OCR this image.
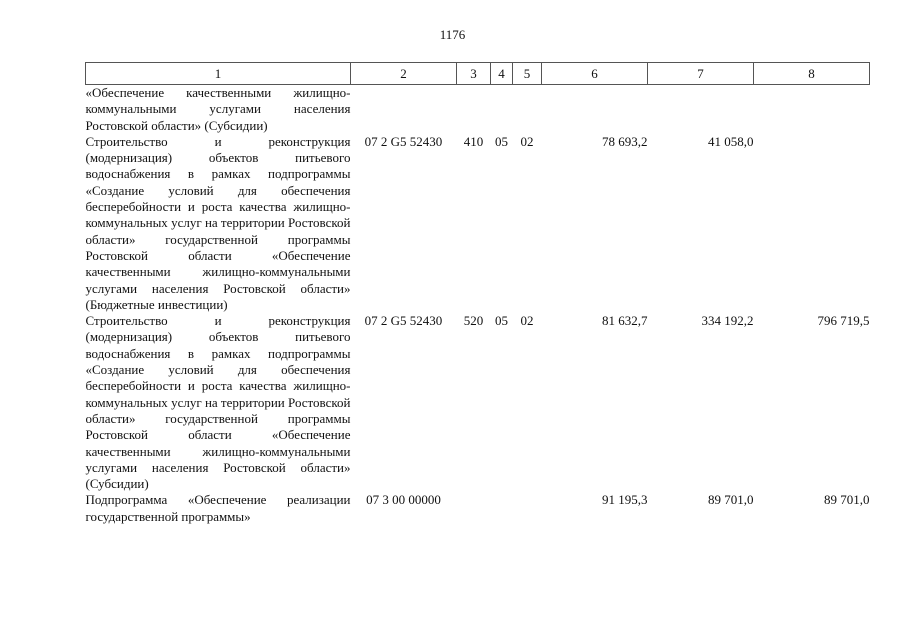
1176
1	2	3	4	5	6	7	8
«Обеспечение качественными жилищно-коммунальными услугами населения Ростовской области» (Субсидии)							
Строительство и реконструкция (модернизация) объектов питьевого водоснабжения в рамках подпрограммы «Создание условий для обеспечения бесперебойности и роста качества жилищно-коммунальных услуг на территории Ростовской области» государственной программы Ростовской области «Обеспечение качественными жилищно-коммунальными услугами населения Ростовской области» (Бюджетные инвестиции)	07 2 G5 52430	410	05	02	78 693,2	41 058,0	
Строительство и реконструкция (модернизация) объектов питьевого водоснабжения в рамках подпрограммы «Создание условий для обеспечения бесперебойности и роста качества жилищно-коммунальных услуг на территории Ростовской области» государственной программы Ростовской области «Обеспечение качественными жилищно-коммунальными услугами населения Ростовской области» (Субсидии)	07 2 G5 52430	520	05	02	81 632,7	334 192,2	796 719,5
Подпрограмма «Обеспечение реализации государственной программы»	07 3 00 00000				91 195,3	89 701,0	89 701,0
